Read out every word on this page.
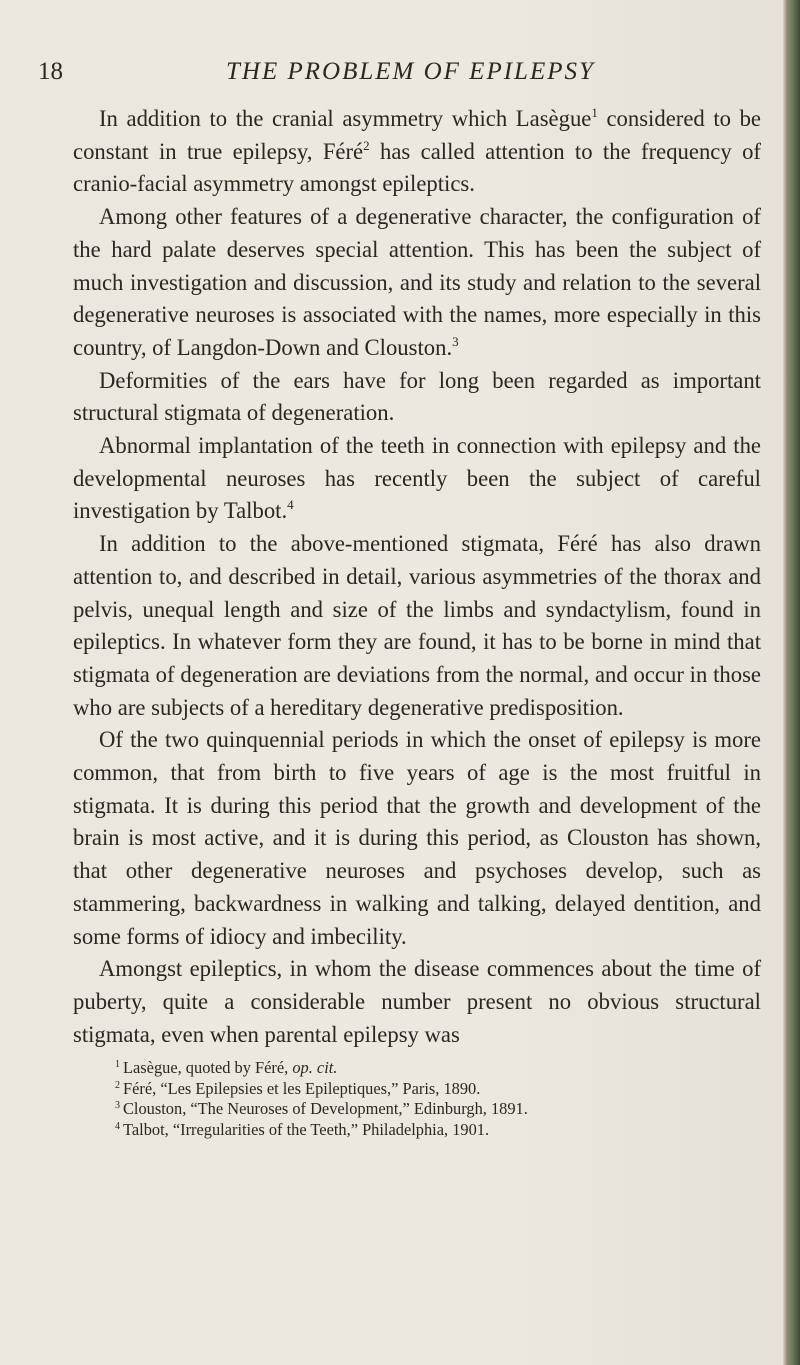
18	THE PROBLEM OF EPILEPSY

In addition to the cranial asymmetry which Lasègue$^1$ considered to be constant in true epilepsy, Féré$^2$ has called attention to the frequency of cranio-facial asymmetry amongst epileptics.

Among other features of a degenerative character, the configuration of the hard palate deserves special attention. This has been the subject of much investigation and discussion, and its study and relation to the several degenerative neuroses is associated with the names, more especially in this country, of Langdon-Down and Clouston.$^3$

Deformities of the ears have for long been regarded as important structural stigmata of degeneration.

Abnormal implantation of the teeth in connection with epilepsy and the developmental neuroses has recently been the subject of careful investigation by Talbot.$^4$

In addition to the above-mentioned stigmata, Féré has also drawn attention to, and described in detail, various asymmetries of the thorax and pelvis, unequal length and size of the limbs and syndactylism, found in epileptics. In whatever form they are found, it has to be borne in mind that stigmata of degeneration are deviations from the normal, and occur in those who are subjects of a hereditary degenerative predisposition.

Of the two quinquennial periods in which the onset of epilepsy is more common, that from birth to five years of age is the most fruitful in stigmata. It is during this period that the growth and development of the brain is most active, and it is during this period, as Clouston has shown, that other degenerative neuroses and psychoses develop, such as stammering, backwardness in walking and talking, delayed dentition, and some forms of idiocy and imbecility.

Amongst epileptics, in whom the disease commences about the time of puberty, quite a considerable number present no obvious structural stigmata, even when parental epilepsy was

$^1$ Lasègue, quoted by Féré, op. cit.
$^2$ Féré, “Les Epilepsies et les Epileptiques,” Paris, 1890.
$^3$ Clouston, “The Neuroses of Development,” Edinburgh, 1891.
$^4$ Talbot, “Irregularities of the Teeth,” Philadelphia, 1901.
